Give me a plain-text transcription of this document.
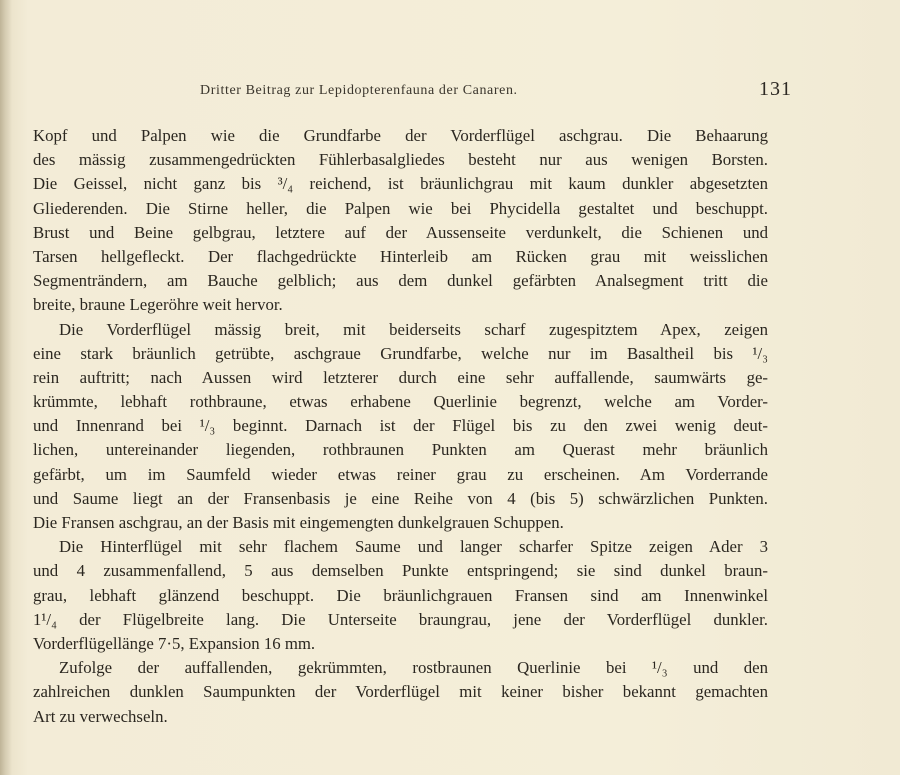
Dritter Beitrag zur Lepidopterenfauna der Canaren.	131
Kopf und Palpen wie die Grundfarbe der Vorderflügel aschgrau. Die Behaarung
des mässig zusammengedrückten Fühlerbasalgliedes besteht nur aus wenigen Borsten.
Die Geissel, nicht ganz bis ³/₄ reichend, ist bräunlichgrau mit kaum dunkler abgesetzten
Gliederenden. Die Stirne heller, die Palpen wie bei Phycidella gestaltet und beschuppt.
Brust und Beine gelbgrau, letztere auf der Aussenseite verdunkelt, die Schienen und
Tarsen hellgefleckt. Der flachgedrückte Hinterleib am Rücken grau mit weisslichen
Segmenträndern, am Bauche gelblich; aus dem dunkel gefärbten Analsegment tritt die
breite, braune Legeröhre weit hervor.
Die Vorderflügel mässig breit, mit beiderseits scharf zugespitztem Apex, zeigen
eine stark bräunlich getrübte, aschgraue Grundfarbe, welche nur im Basaltheil bis ¹/₃
rein auftritt; nach Aussen wird letzterer durch eine sehr auffallende, saumwärts ge-
krümmte, lebhaft rothbraune, etwas erhabene Querlinie begrenzt, welche am Vorder-
und Innenrand bei ¹/₃ beginnt. Darnach ist der Flügel bis zu den zwei wenig deut-
lichen, untereinander liegenden, rothbraunen Punkten am Querast mehr bräunlich
gefärbt, um im Saumfeld wieder etwas reiner grau zu erscheinen. Am Vorderrande
und Saume liegt an der Fransenbasis je eine Reihe von 4 (bis 5) schwärzlichen Punkten.
Die Fransen aschgrau, an der Basis mit eingemengten dunkelgrauen Schuppen.
Die Hinterflügel mit sehr flachem Saume und langer scharfer Spitze zeigen Ader 3
und 4 zusammenfallend, 5 aus demselben Punkte entspringend; sie sind dunkel braun-
grau, lebhaft glänzend beschuppt. Die bräunlichgrauen Fransen sind am Innenwinkel
1¹/₄ der Flügelbreite lang. Die Unterseite braungrau, jene der Vorderflügel dunkler.
Vorderflügellänge 7·5, Expansion 16 mm.
Zufolge der auffallenden, gekrümmten, rostbraunen Querlinie bei ¹/₃ und den
zahlreichen dunklen Saumpunkten der Vorderflügel mit keiner bisher bekannt gemachten
Art zu verwechseln.
